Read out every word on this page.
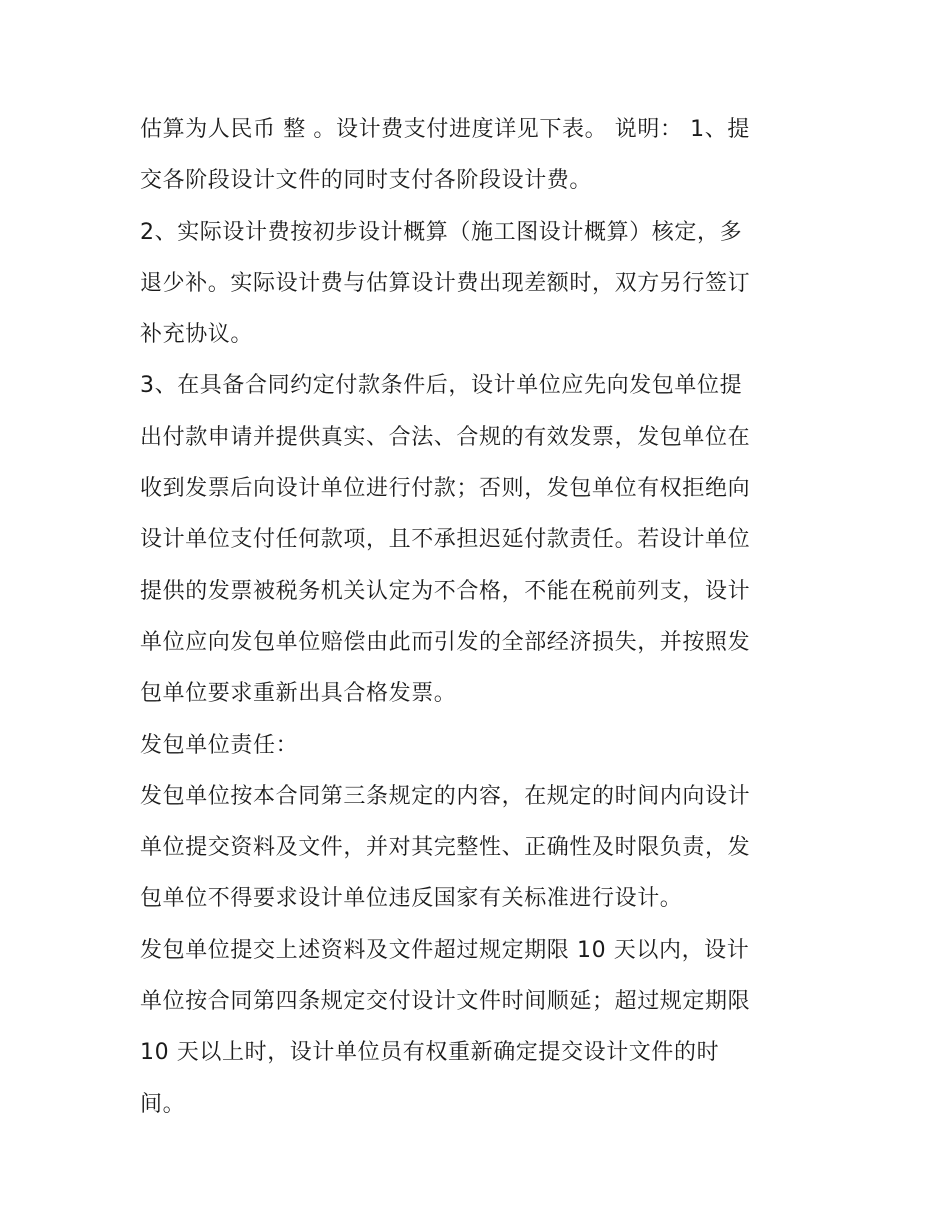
估算为人民币 整 。设计费支付进度详见下表。 说明： 1、提
交各阶段设计文件的同时支付各阶段设计费。
2、实际设计费按初步设计概算（施工图设计概算）核定，多
退少补。实际设计费与估算设计费出现差额时，双方另行签订
补充协议。
3、在具备合同约定付款条件后，设计单位应先向发包单位提
出付款申请并提供真实、合法、合规的有效发票，发包单位在
收到发票后向设计单位进行付款；否则，发包单位有权拒绝向
设计单位支付任何款项，且不承担迟延付款责任。若设计单位
提供的发票被税务机关认定为不合格，不能在税前列支，设计
单位应向发包单位赔偿由此而引发的全部经济损失，并按照发
包单位要求重新出具合格发票。
发包单位责任：
发包单位按本合同第三条规定的内容，在规定的时间内向设计
单位提交资料及文件，并对其完整性、正确性及时限负责，发
包单位不得要求设计单位违反国家有关标准进行设计。
发包单位提交上述资料及文件超过规定期限 10 天以内，设计
单位按合同第四条规定交付设计文件时间顺延；超过规定期限
10 天以上时，设计单位员有权重新确定提交设计文件的时
间。
